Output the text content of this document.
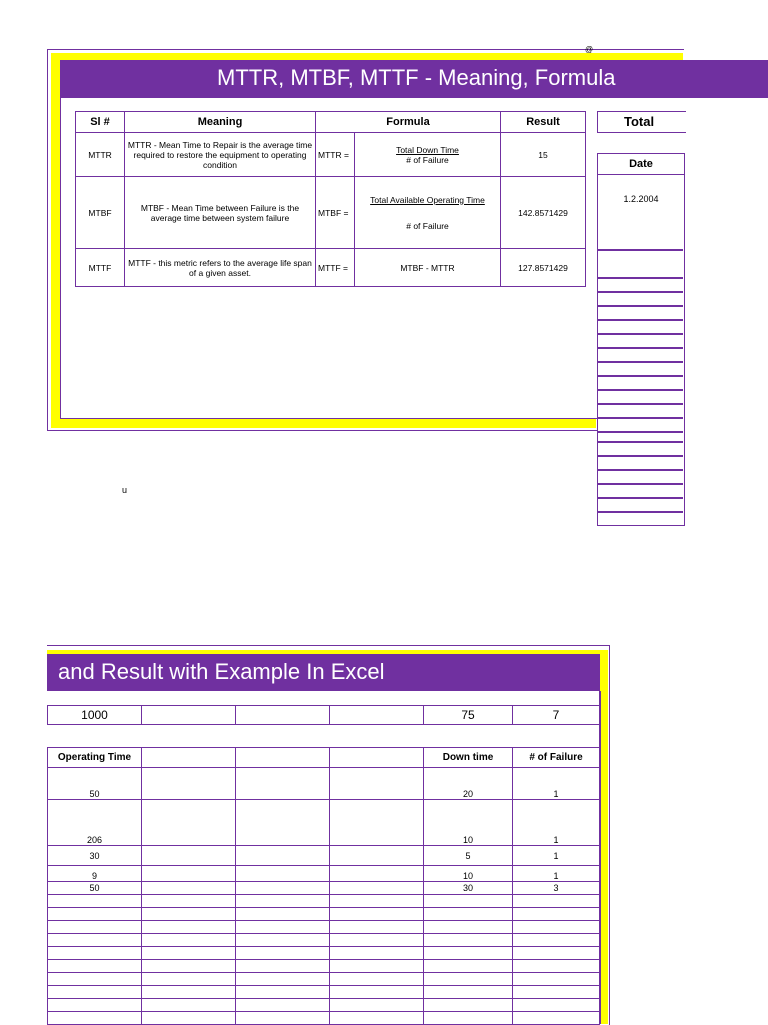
@
MTTR, MTBF, MTTF - Meaning, Formula
Sl #	Meaning	Formula		Result
MTTR	MTTR - Mean Time to Repair is the average time required to restore the equipment to operating condition	MTTR =	Total Down Time
# of Failure	15
MTBF	MTBF - Mean Time between Failure is the average time between system failure	MTBF =	Total Available Operating Time
# of Failure	142.8571429
MTTF	MTTF - this metric refers to the average life span of a given asset.	MTTF =	MTBF - MTTR	127.8571429
Total
Date
1.2.2004
u
and Result with Example In Excel
1000				75	7
Operating Time				Down time	# of Failure
50				20	1
206				10	1
30				5	1
9				10	1
50				30	3
